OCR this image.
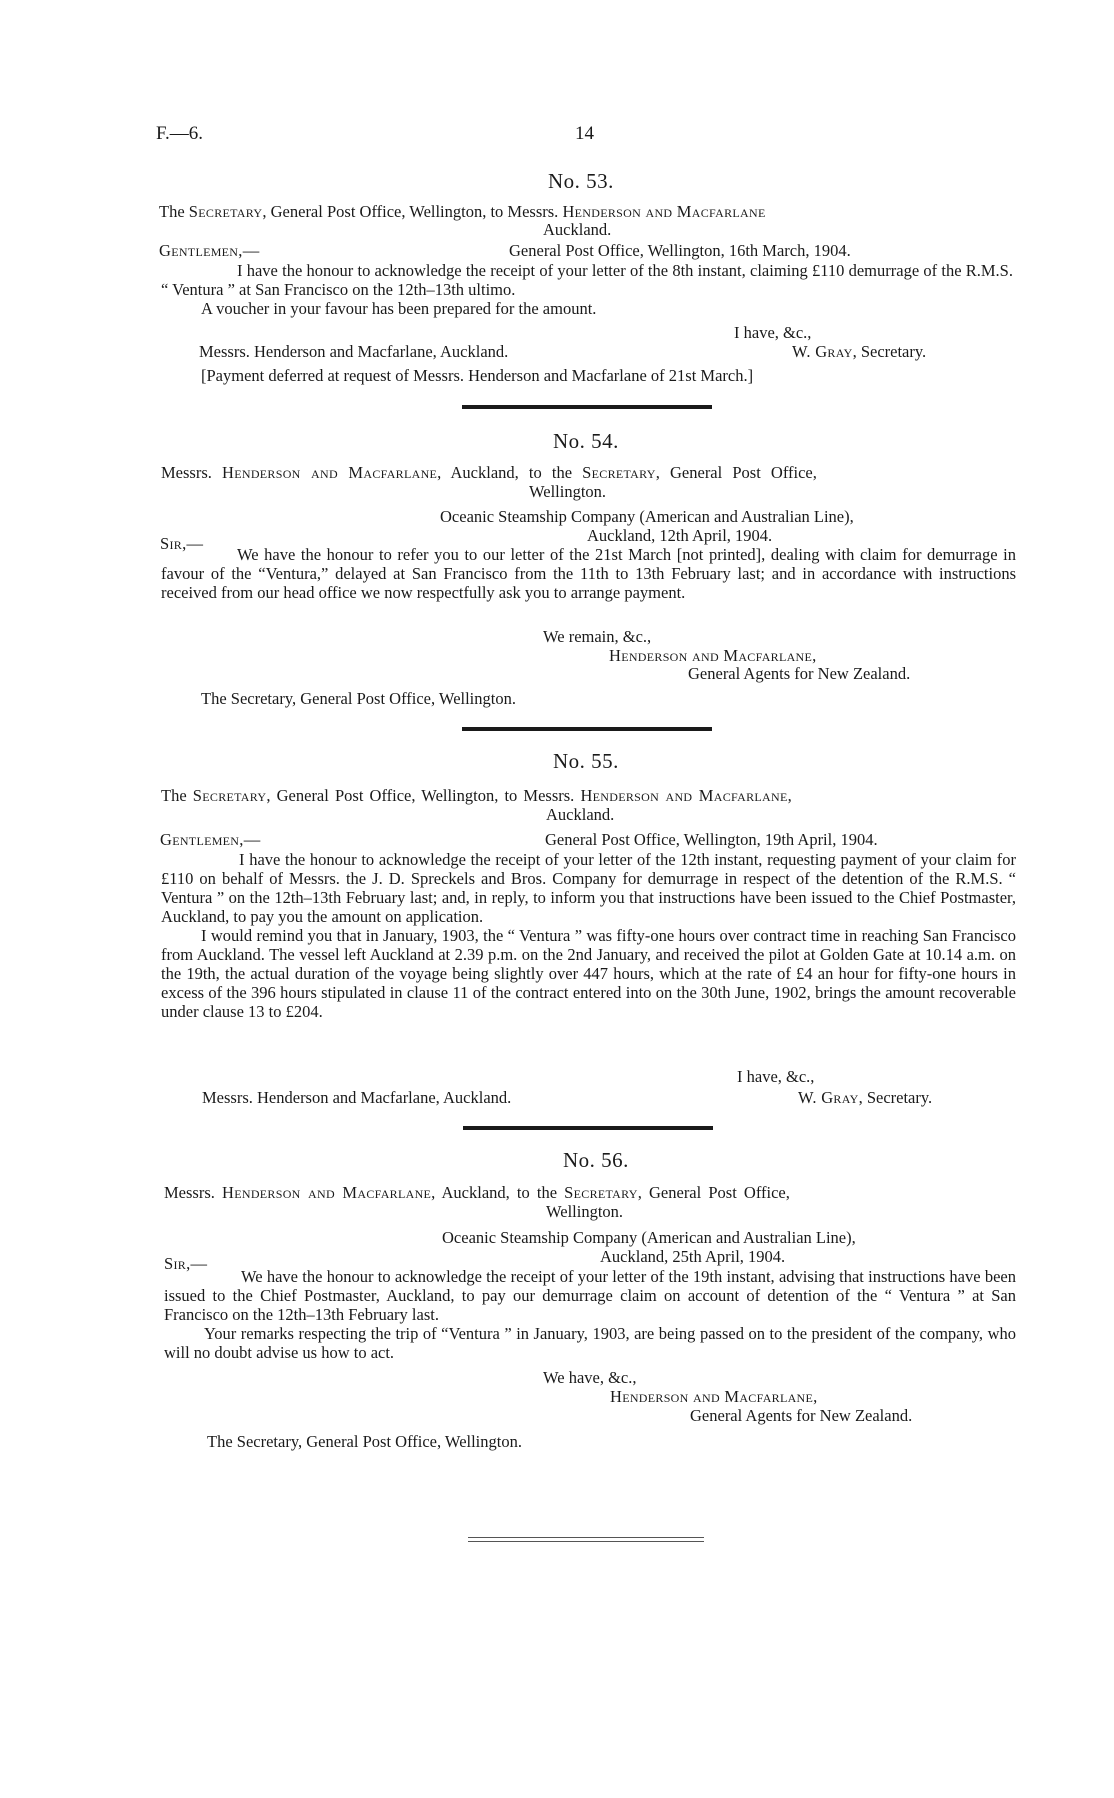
F.—6.	14
No. 53.
The Secretary, General Post Office, Wellington, to Messrs. Henderson and Macfarlane
Auckland.
Gentlemen,—	General Post Office, Wellington, 16th March, 1904.

I have the honour to acknowledge the receipt of your letter of the 8th instant, claiming £110 demurrage of the R.M.S. “ Ventura ” at San Francisco on the 12th–13th ultimo.

A voucher in your favour has been prepared for the amount.

I have, &c.,
Messrs. Henderson and Macfarlane, Auckland.	W. Gray, Secretary.
[Payment deferred at request of Messrs. Henderson and Macfarlane of 21st March.]
No. 54.
Messrs. Henderson and Macfarlane, Auckland, to the Secretary, General Post Office,
Wellington.
Oceanic Steamship Company (American and Australian Line),
Auckland, 12th April, 1904.
Sir,—

We have the honour to refer you to our letter of the 21st March [not printed], dealing with claim for demurrage in favour of the “Ventura,” delayed at San Francisco from the 11th to 13th February last; and in accordance with instructions received from our head office we now respectfully ask you to arrange payment.

We remain, &c.,
Henderson and Macfarlane,
General Agents for New Zealand.
The Secretary, General Post Office, Wellington.
No. 55.
The Secretary, General Post Office, Wellington, to Messrs. Henderson and Macfarlane,
Auckland.
Gentlemen,—	General Post Office, Wellington, 19th April, 1904.

I have the honour to acknowledge the receipt of your letter of the 12th instant, requesting payment of your claim for £110 on behalf of Messrs. the J. D. Spreckels and Bros. Company for demurrage in respect of the detention of the R.M.S. “ Ventura ” on the 12th–13th February last; and, in reply, to inform you that instructions have been issued to the Chief Postmaster, Auckland, to pay you the amount on application.

I would remind you that in January, 1903, the “ Ventura ” was fifty-one hours over contract time in reaching San Francisco from Auckland. The vessel left Auckland at 2.39 p.m. on the 2nd January, and received the pilot at Golden Gate at 10.14 a.m. on the 19th, the actual duration of the voyage being slightly over 447 hours, which at the rate of £4 an hour for fifty-one hours in excess of the 396 hours stipulated in clause 11 of the contract entered into on the 30th June, 1902, brings the amount recoverable under clause 13 to £204.

I have, &c.,
Messrs. Henderson and Macfarlane, Auckland.	W. Gray, Secretary.
No. 56.
Messrs. Henderson and Macfarlane, Auckland, to the Secretary, General Post Office,
Wellington.
Oceanic Steamship Company (American and Australian Line),
Auckland, 25th April, 1904.
Sir,—

We have the honour to acknowledge the receipt of your letter of the 19th instant, advising that instructions have been issued to the Chief Postmaster, Auckland, to pay our demurrage claim on account of detention of the “ Ventura ” at San Francisco on the 12th–13th February last.

Your remarks respecting the trip of “Ventura ” in January, 1903, are being passed on to the president of the company, who will no doubt advise us how to act.

We have, &c.,
Henderson and Macfarlane,
General Agents for New Zealand.
The Secretary, General Post Office, Wellington.
